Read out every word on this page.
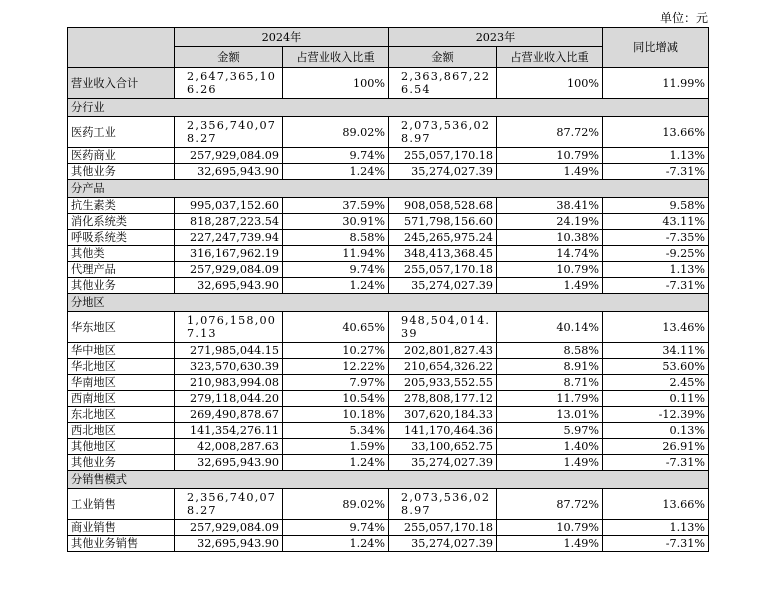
单位：元
	2024年		2023年		同比增减
	金额	占营业收入比重	金额	占营业收入比重	
营业收入合计	2,647,365,106.26	100%	2,363,867,226.54	100%	11.99%
分行业					
医药工业	2,356,740,078.27	89.02%	2,073,536,028.97	87.72%	13.66%
医药商业	257,929,084.09	9.74%	255,057,170.18	10.79%	1.13%
其他业务	32,695,943.90	1.24%	35,274,027.39	1.49%	-7.31%
分产品					
抗生素类	995,037,152.60	37.59%	908,058,528.68	38.41%	9.58%
消化系统类	818,287,223.54	30.91%	571,798,156.60	24.19%	43.11%
呼吸系统类	227,247,739.94	8.58%	245,265,975.24	10.38%	-7.35%
其他类	316,167,962.19	11.94%	348,413,368.45	14.74%	-9.25%
代理产品	257,929,084.09	9.74%	255,057,170.18	10.79%	1.13%
其他业务	32,695,943.90	1.24%	35,274,027.39	1.49%	-7.31%
分地区					
华东地区	1,076,158,007.13	40.65%	948,504,014.39	40.14%	13.46%
华中地区	271,985,044.15	10.27%	202,801,827.43	8.58%	34.11%
华北地区	323,570,630.39	12.22%	210,654,326.22	8.91%	53.60%
华南地区	210,983,994.08	7.97%	205,933,552.55	8.71%	2.45%
西南地区	279,118,044.20	10.54%	278,808,177.12	11.79%	0.11%
东北地区	269,490,878.67	10.18%	307,620,184.33	13.01%	-12.39%
西北地区	141,354,276.11	5.34%	141,170,464.36	5.97%	0.13%
其他地区	42,008,287.63	1.59%	33,100,652.75	1.40%	26.91%
其他业务	32,695,943.90	1.24%	35,274,027.39	1.49%	-7.31%
分销售模式					
工业销售	2,356,740,078.27	89.02%	2,073,536,028.97	87.72%	13.66%
商业销售	257,929,084.09	9.74%	255,057,170.18	10.79%	1.13%
其他业务销售	32,695,943.90	1.24%	35,274,027.39	1.49%	-7.31%
